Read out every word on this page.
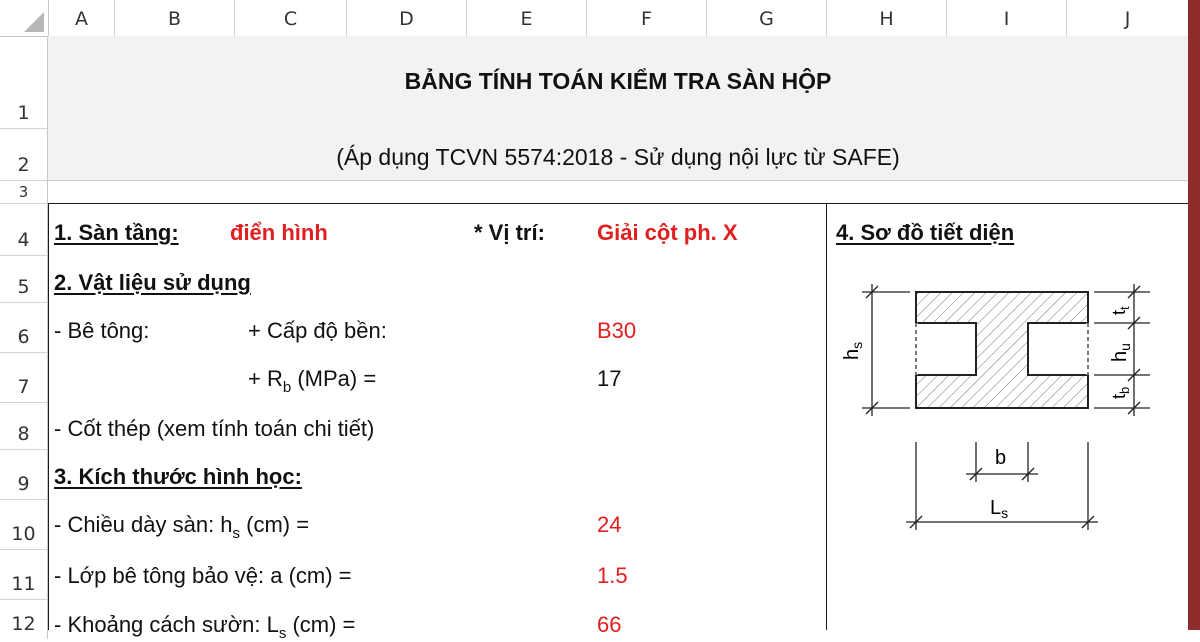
A	B	C	D	E	F	G	H	I	J
1
2
3
4
5
6
7
8
9
10
11
12
BẢNG TÍNH TOÁN KIỂM TRA SÀN HỘP
(Áp dụng TCVN 5574:2018 - Sử dụng nội lực từ SAFE)
1. Sàn tầng: điển hình	* Vị trí: Giải cột ph. X	4. Sơ đồ tiết diện
2. Vật liệu sử dụng
- Bê tông:	+ Cấp độ bền:	B30
+ $R_b$ (MPa) =	17
- Cốt thép (xem tính toán chi tiết)
3. Kích thước hình học:
- Chiều dày sàn: $h_s$ (cm) =	24
- Lớp bê tông bảo vệ: a (cm) =	1.5
- Khoảng cách sườn: $L_s$ (cm) =	66
$h_s$
$t_t$
$h_u$
$t_b$
b
$L_s$
